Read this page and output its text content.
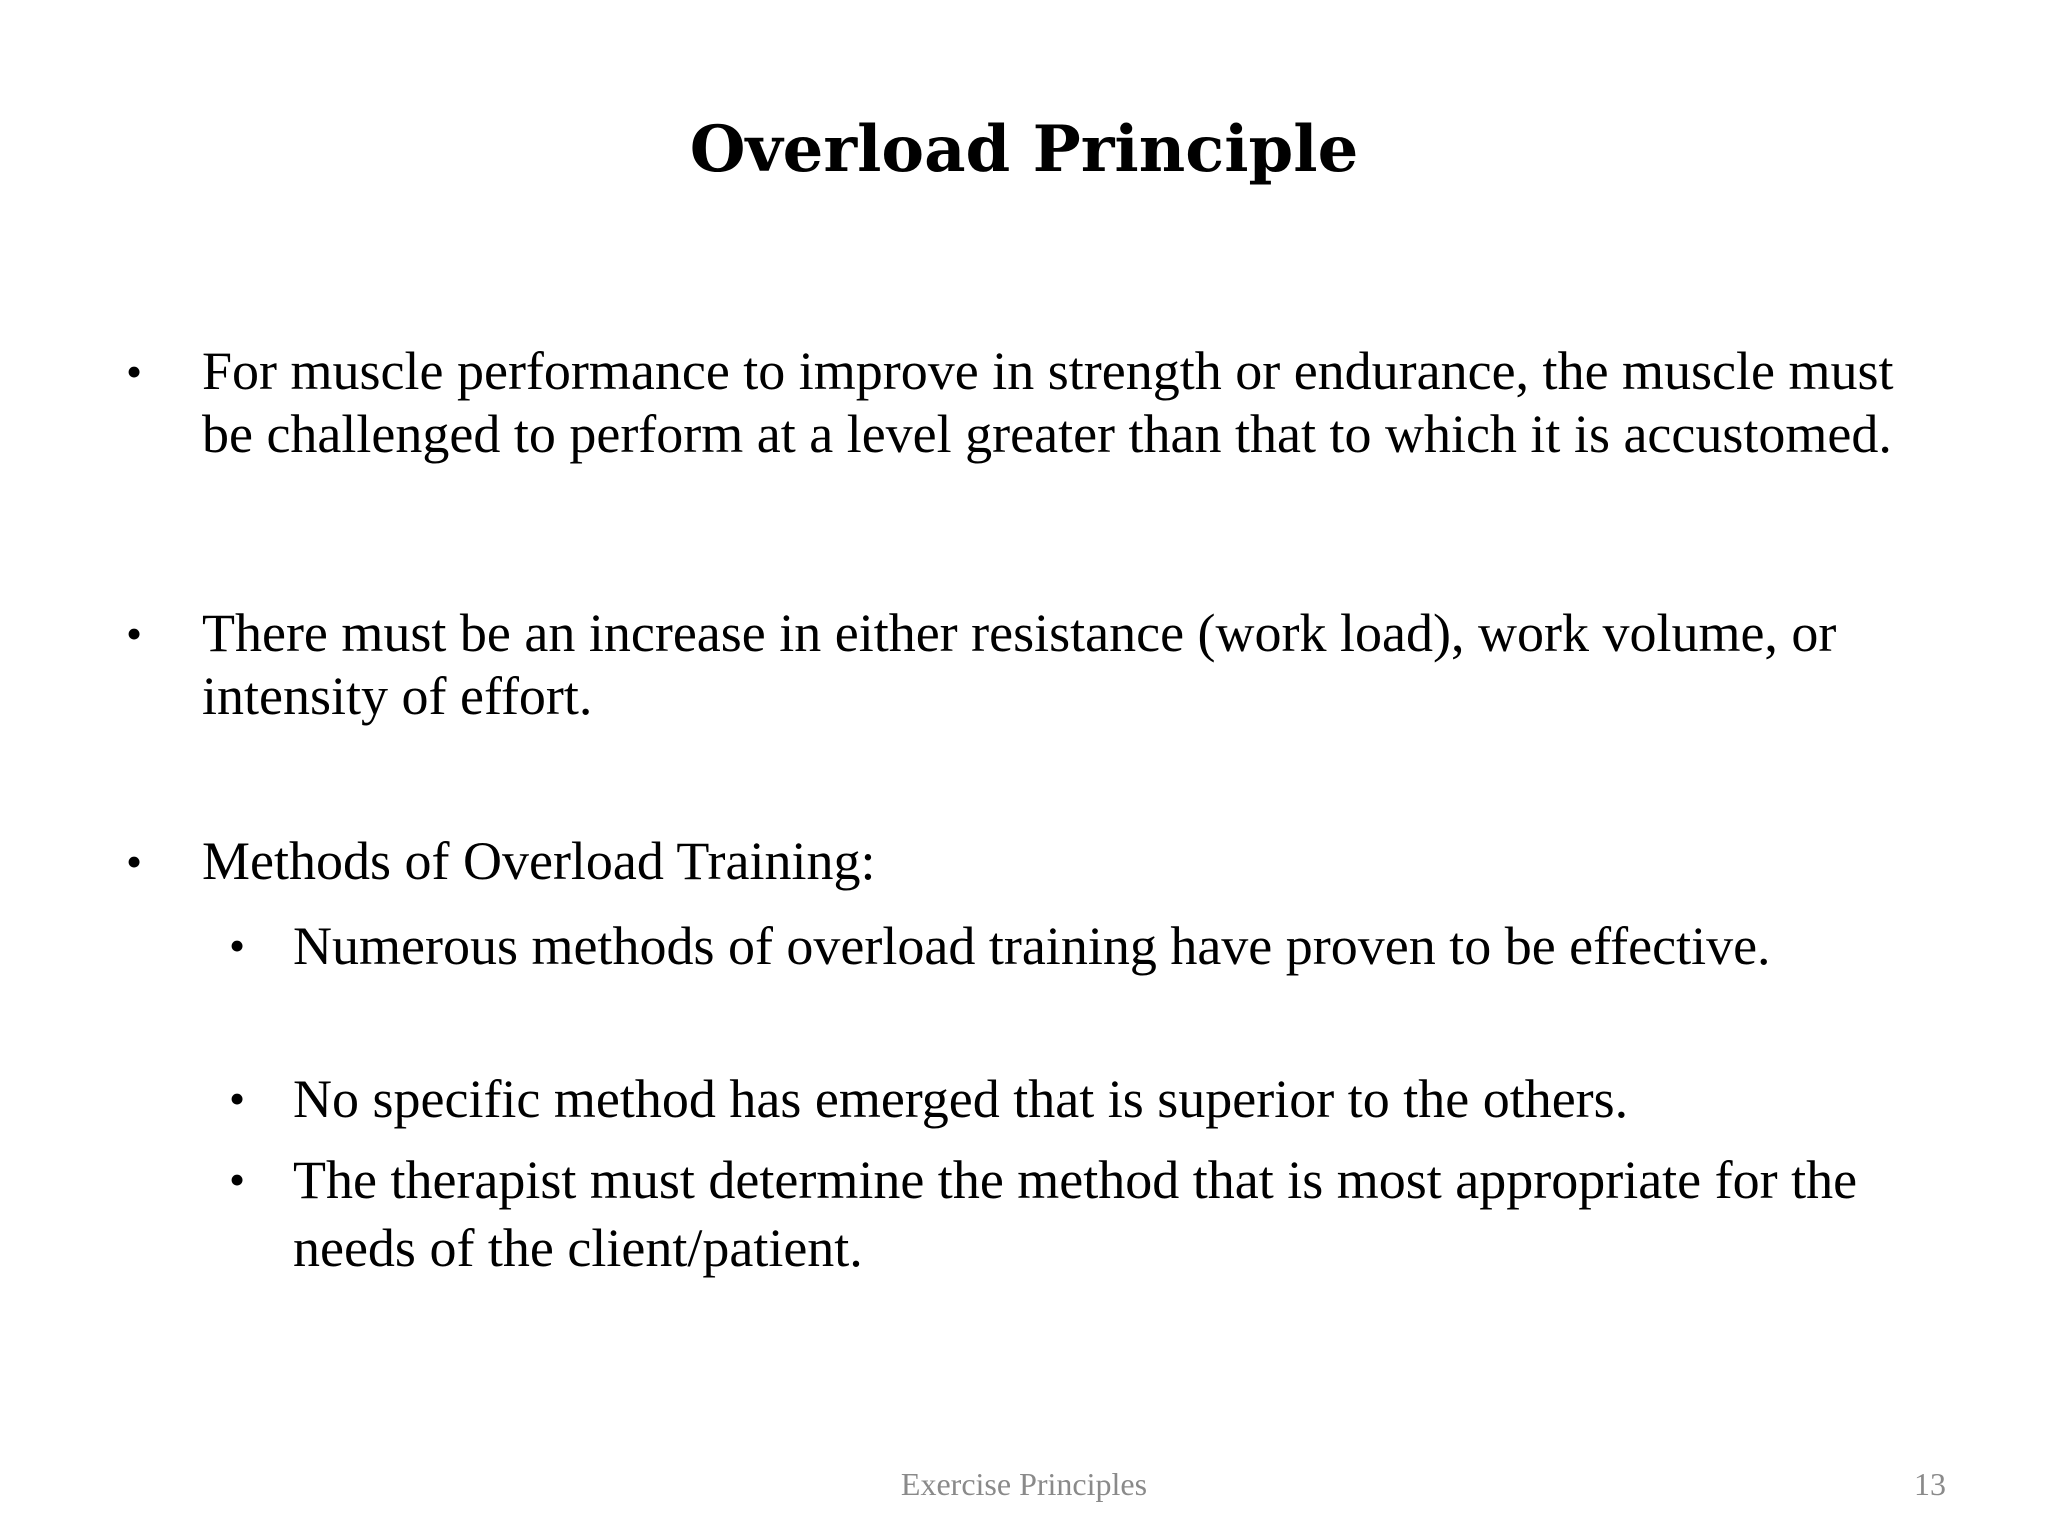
Overload Principle
• For muscle performance to improve in strength or endurance, the muscle must be challenged to perform at a level greater than that to which it is accustomed.
• There must be an increase in either resistance (work load), work volume, or intensity of effort.
• Methods of Overload Training:
• Numerous methods of overload training have proven to be effective.
• No specific method has emerged that is superior to the others.
• The therapist must determine the method that is most appropriate for the needs of the client/patient.
Exercise Principles	13
